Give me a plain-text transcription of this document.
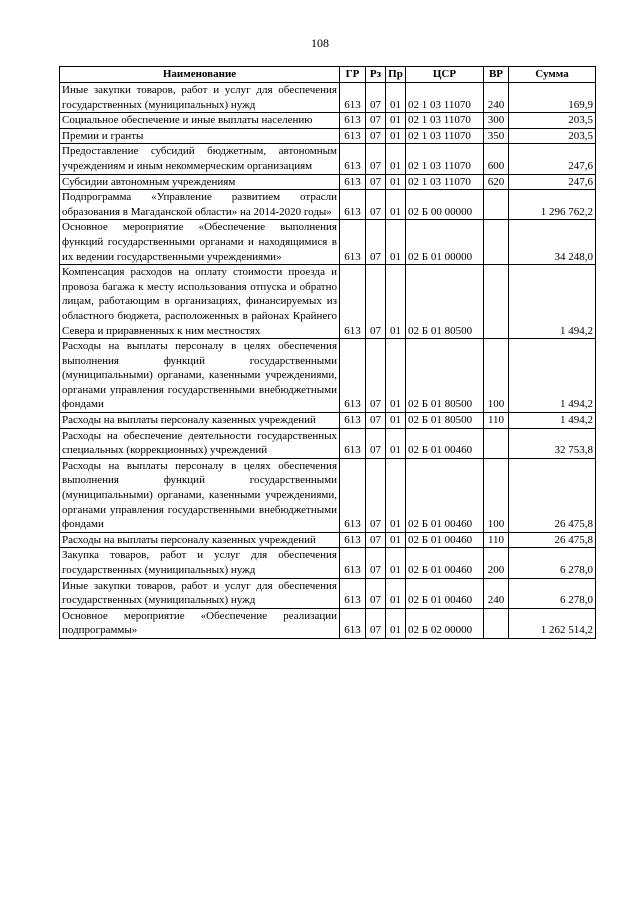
108
Наименование	ГР	Рз	Пр	ЦСР	ВР	Сумма
Иные закупки товаров, работ и услуг для обеспечения государственных (муниципальных) нужд	613	07	01	02 1 03 11070	240	169,9
Социальное обеспечение и иные выплаты населению	613	07	01	02 1 03 11070	300	203,5
Премии и гранты	613	07	01	02 1 03 11070	350	203,5
Предоставление субсидий бюджетным, автономным учреждениям и иным некоммерческим организациям	613	07	01	02 1 03 11070	600	247,6
Субсидии автономным учреждениям	613	07	01	02 1 03 11070	620	247,6
Подпрограмма «Управление развитием отрасли образования в Магаданской области» на 2014-2020 годы»	613	07	01	02 Б 00 00000		1 296 762,2
Основное мероприятие «Обеспечение выполнения функций государственными органами и находящимися в их ведении государственными учреждениями»	613	07	01	02 Б 01 00000		34 248,0
Компенсация расходов на оплату стоимости проезда и провоза багажа к месту использования отпуска и обратно лицам, работающим в организациях, финансируемых из областного бюджета, расположенных в районах Крайнего Севера и приравненных к ним местностях	613	07	01	02 Б 01 80500		1 494,2
Расходы на выплаты персоналу в целях обеспечения выполнения функций государственными (муниципальными) органами, казенными учреждениями, органами управления государственными внебюджетными фондами	613	07	01	02 Б 01 80500	100	1 494,2
Расходы на выплаты персоналу казенных учреждений	613	07	01	02 Б 01 80500	110	1 494,2
Расходы на обеспечение деятельности государственных специальных (коррекционных) учреждений	613	07	01	02 Б 01 00460		32 753,8
Расходы на выплаты персоналу в целях обеспечения выполнения функций государственными (муниципальными) органами, казенными учреждениями, органами управления государственными внебюджетными фондами	613	07	01	02 Б 01 00460	100	26 475,8
Расходы на выплаты персоналу казенных учреждений	613	07	01	02 Б 01 00460	110	26 475,8
Закупка товаров, работ и услуг для обеспечения государственных (муниципальных) нужд	613	07	01	02 Б 01 00460	200	6 278,0
Иные закупки товаров, работ и услуг для обеспечения государственных (муниципальных) нужд	613	07	01	02 Б 01 00460	240	6 278,0
Основное мероприятие «Обеспечение реализации подпрограммы»	613	07	01	02 Б 02 00000		1 262 514,2
